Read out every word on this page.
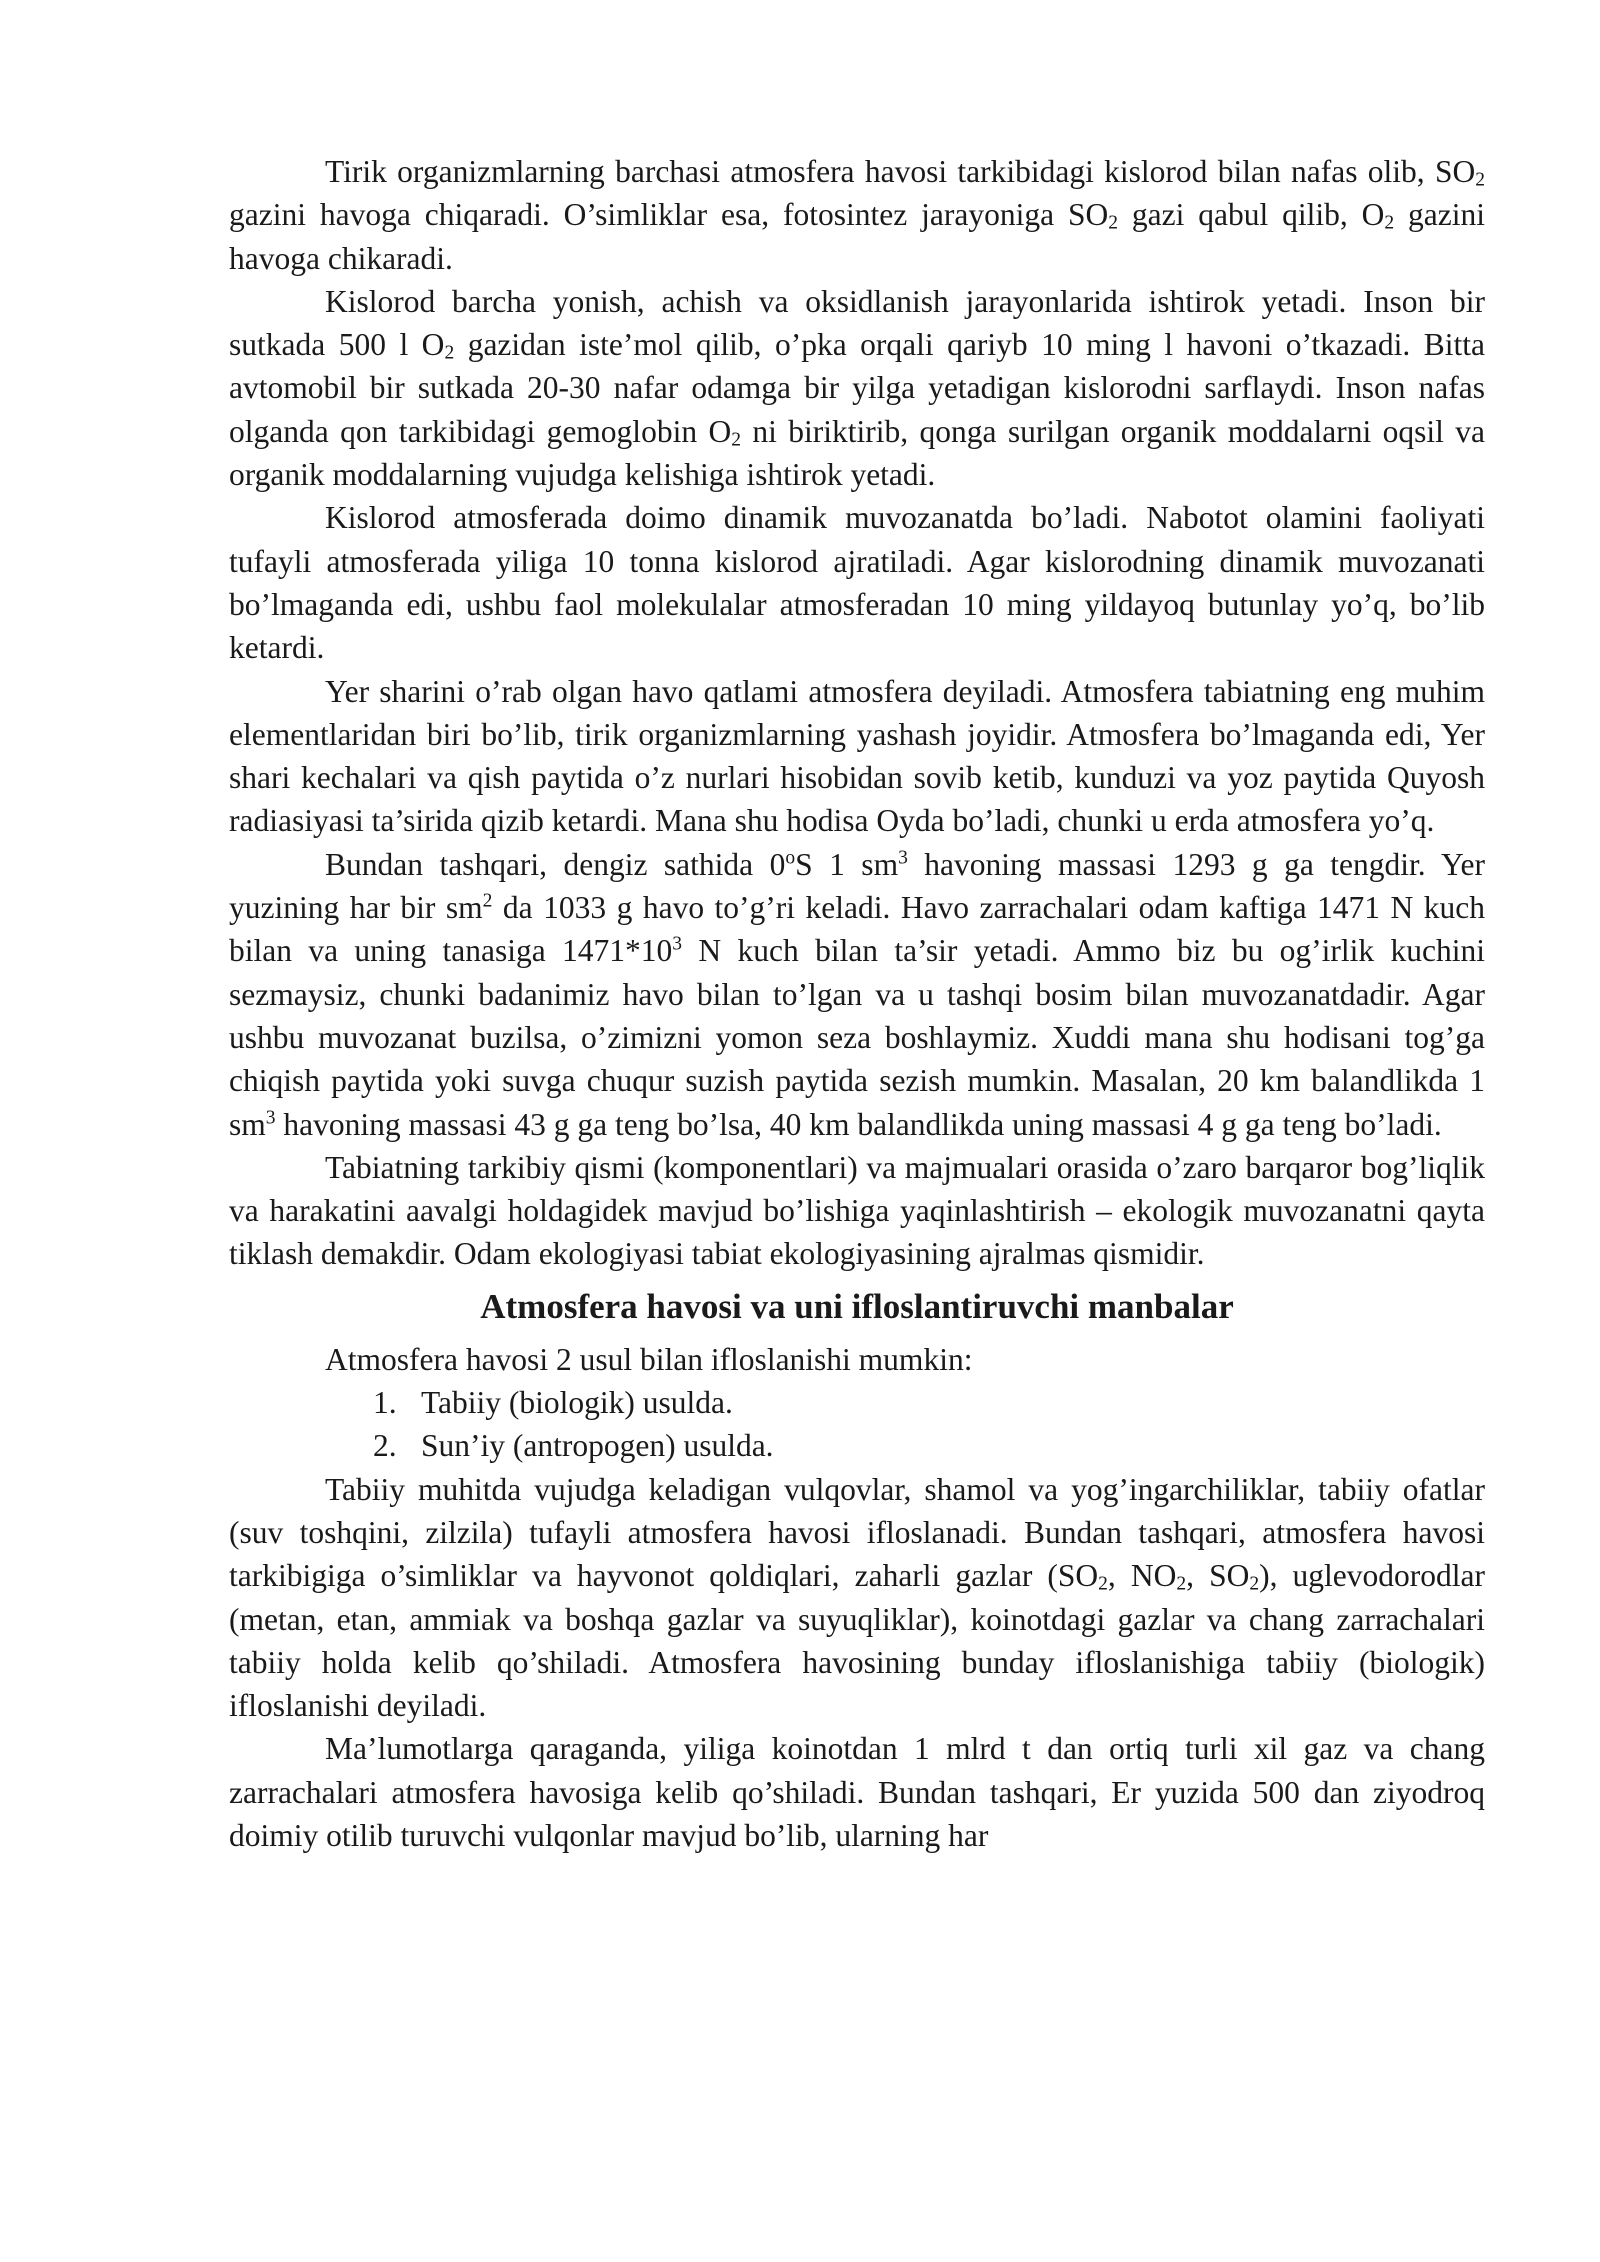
Tirik organizmlarning barchasi atmosfera havosi tarkibidagi kislorod bilan nafas olib, $SO_2$ gazini havoga chiqaradi. O’simliklar esa, fotosintez jarayoniga $SO_2$ gazi qabul qilib, $O_2$ gazini havoga chikaradi.

Kislorod barcha yonish, achish va oksidlanish jarayonlarida ishtirok yetadi. Inson bir sutkada 500 l $O_2$ gazidan iste’mol qilib, o’pka orqali qariyb 10 ming l havoni o’tkazadi. Bitta avtomobil bir sutkada 20-30 nafar odamga bir yilga yetadigan kislorodni sarflaydi. Inson nafas olganda qon tarkibidagi gemoglobin $O_2$ ni biriktirib, qonga surilgan organik moddalarni oqsil va organik moddalarning vujudga kelishiga ishtirok yetadi.

Kislorod atmosferada doimo dinamik muvozanatda bo’ladi. Nabotot olamini faoliyati tufayli atmosferada yiliga 10 tonna kislorod ajratiladi. Agar kislorodning dinamik muvozanati bo’lmaganda edi, ushbu faol molekulalar atmosferadan 10 ming yildayoq butunlay yo’q, bo’lib ketardi.

Yer sharini o’rab olgan havo qatlami atmosfera deyiladi. Atmosfera tabiatning eng muhim elementlaridan biri bo’lib, tirik organizmlarning yashash joyidir. Atmosfera bo’lmaganda edi, Yer shari kechalari va qish paytida o’z nurlari hisobidan sovib ketib, kunduzi va yoz paytida Quyosh radiasiyasi ta’sirida qizib ketardi. Mana shu hodisa Oyda bo’ladi, chunki u erda atmosfera yo’q.

Bundan tashqari, dengiz sathida 0$^o$S 1 $sm^3$ havoning massasi 1293 g ga tengdir. Yer yuzining har bir $sm^2$ da 1033 g havo to’g’ri keladi. Havo zarrachalari odam kaftiga 1471 N kuch bilan va uning tanasiga $1471*10^3$ N kuch bilan ta’sir yetadi. Ammo biz bu og’irlik kuchini sezmaysiz, chunki badanimiz havo bilan to’lgan va u tashqi bosim bilan muvozanatdadir. Agar ushbu muvozanat buzilsa, o’zimizni yomon seza boshlaymiz. Xuddi mana shu hodisani tog’ga chiqish paytida yoki suvga chuqur suzish paytida sezish mumkin. Masalan, 20 km balandlikda 1 $sm^3$ havoning massasi 43 g ga teng bo’lsa, 40 km balandlikda uning massasi 4 g ga teng bo’ladi.

Tabiatning tarkibiy qismi (komponentlari) va majmualari orasida o’zaro barqaror bog’liqlik va harakatini aavalgi holdagidek mavjud bo’lishiga yaqinlashtirish – ekologik muvozanatni qayta tiklash demakdir. Odam ekologiyasi tabiat ekologiyasining ajralmas qismidir.

Atmosfera havosi va uni ifloslantiruvchi manbalar

Atmosfera havosi 2 usul bilan ifloslanishi mumkin:

1. Tabiiy (biologik) usulda.
2. Sun’iy (antropogen) usulda.

Tabiiy muhitda vujudga keladigan vulqovlar, shamol va yog’ingarchiliklar, tabiiy ofatlar (suv toshqini, zilzila) tufayli atmosfera havosi ifloslanadi. Bundan tashqari, atmosfera havosi tarkibigiga o’simliklar va hayvonot qoldiqlari, zaharli gazlar ($SO_2$, $NO_2$, $SO_2$), uglevodorodlar (metan, etan, ammiak va boshqa gazlar va suyuqliklar), koinotdagi gazlar va chang zarrachalari tabiiy holda kelib qo’shiladi. Atmosfera havosining bunday ifloslanishiga tabiiy (biologik) ifloslanishi deyiladi.

Ma’lumotlarga qaraganda, yiliga koinotdan 1 mlrd t dan ortiq turli xil gaz va chang zarrachalari atmosfera havosiga kelib qo’shiladi. Bundan tashqari, Er yuzida 500 dan ziyodroq doimiy otilib turuvchi vulqonlar mavjud bo’lib, ularning har
